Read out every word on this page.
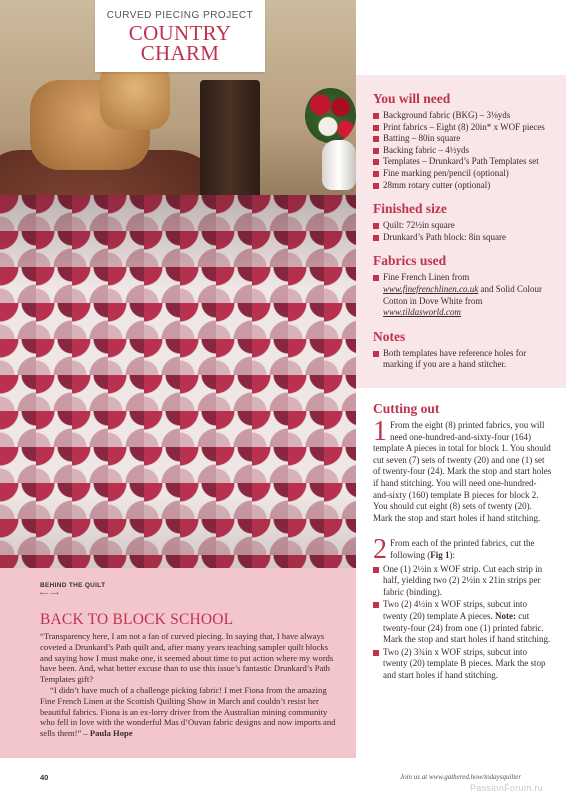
CURVED PIECING PROJECT
COUNTRY
CHARM
You will need
Background fabric (BKG) – 3⅛yds
Print fabrics – Eight (8) 20in* x WOF pieces
Batting – 80in square
Backing fabric – 4½yds
Templates – Drunkard’s Path Templates set
Fine marking pen/pencil (optional)
28mm rotary cutter (optional)
Finished size
Quilt: 72½in square
Drunkard’s Path block: 8in square
Fabrics used
Fine French Linen from www.finefrenchlinen.co.uk and Solid Colour Cotton in Dove White from www.tildasworld.com
Notes
Both templates have reference holes for marking if you are a hand stitcher.
Cutting out
1 From the eight (8) printed fabrics, you will need one-hundred-and-sixty-four (164) template A pieces in total for block 1. You should cut seven (7) sets of twenty (20) and one (1) set of twenty-four (24). Mark the stop and start holes if hand stitching. You will need one-hundred-and-sixty (160) template B pieces for block 2. You should cut eight (8) sets of twenty (20). Mark the stop and start holes if hand stitching.
2 From each of the printed fabrics, cut the following (Fig 1):
One (1) 2½in x WOF strip. Cut each strip in half, yielding two (2) 2½in x 21in strips per fabric (binding).
Two (2) 4½in x WOF strips, subcut into twenty (20) template A pieces. Note: cut twenty-four (24) from one (1) printed fabric. Mark the stop and start holes if hand stitching.
Two (2) 3¾in x WOF strips, subcut into twenty (20) template B pieces. Mark the stop and start holes if hand stitching.
BEHIND THE QUILT
⟵ ⟶
BACK TO BLOCK SCHOOL

“Transparency here, I am not a fan of curved piecing. In saying that, I have always coveted a Drunkard’s Path quilt and, after many years teaching sampler quilt blocks and saying how I must make one, it seemed about time to put action where my words have been. And, what better excuse than to use this issue’s fantastic Drunkard’s Path Templates gift?

“I didn’t have much of a challenge picking fabric! I met Fiona from the amazing Fine French Linen at the Scottish Quilting Show in March and couldn’t resist her beautiful fabrics. Fiona is an ex-lorry driver from the Australian mining community who fell in love with the wonderful Mas d’Ouvan fabric designs and now imports and sells them!” – Paula Hope

40	Join us at www.gathered.how/todaysquilter
PassionForum.ru
